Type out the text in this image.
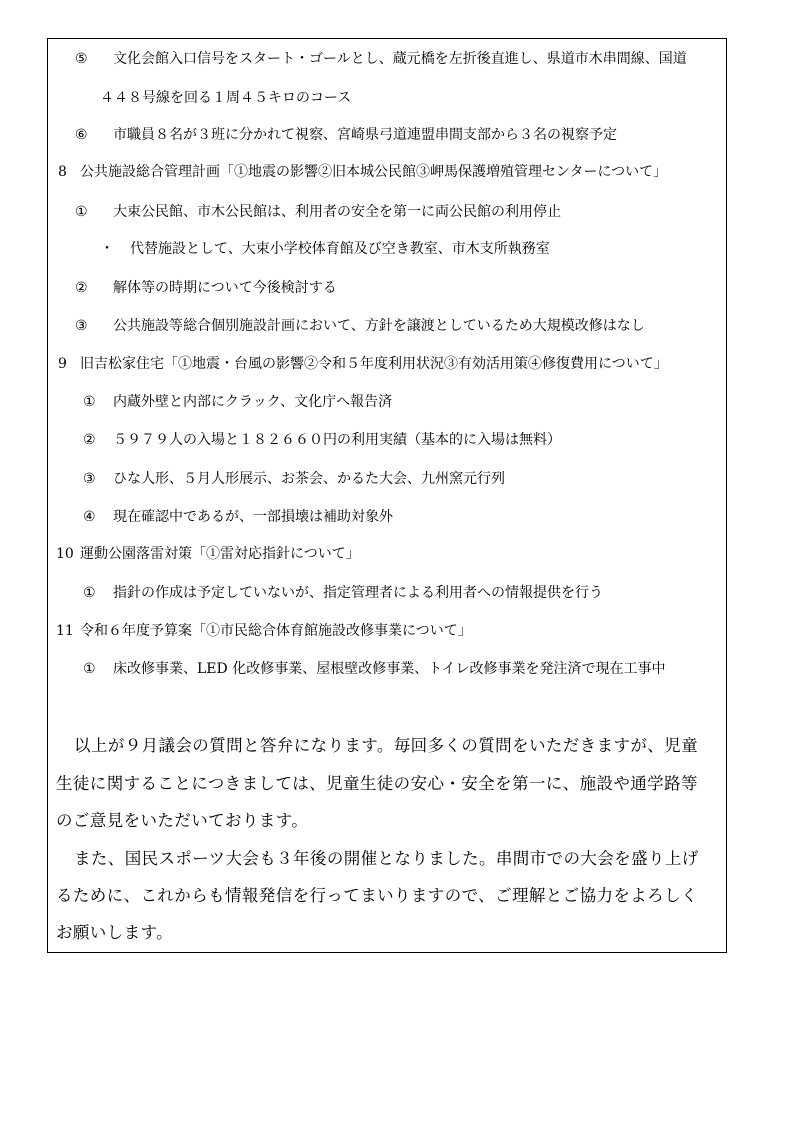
⑤ 文化会館入口信号をスタート・ゴールとし、蔵元橋を左折後直進し、県道市木串間線、国道
４４８号線を回る１周４５キロのコース
⑥ 市職員８名が３班に分かれて視察、宮崎県弓道連盟串間支部から３名の視察予定
8 公共施設総合管理計画「①地震の影響②旧本城公民館③岬馬保護増殖管理センターについて」
① 大束公民館、市木公民館は、利用者の安全を第一に両公民館の利用停止
・ 代替施設として、大束小学校体育館及び空き教室、市木支所執務室
② 解体等の時期について今後検討する
③ 公共施設等総合個別施設計画において、方針を譲渡としているため大規模改修はなし
9 旧吉松家住宅「①地震・台風の影響②令和５年度利用状況③有効活用策④修復費用について」
① 内蔵外壁と内部にクラック、文化庁へ報告済
② ５９７９人の入場と１８２６６０円の利用実績（基本的に入場は無料）
③ ひな人形、５月人形展示、お茶会、かるた大会、九州窯元行列
④ 現在確認中であるが、一部損壊は補助対象外
10 運動公園落雷対策「①雷対応指針について」
① 指針の作成は予定していないが、指定管理者による利用者への情報提供を行う
11 令和６年度予算案「①市民総合体育館施設改修事業について」
① 床改修事業、LED 化改修事業、屋根壁改修事業、トイレ改修事業を発注済で現在工事中
以上が９月議会の質問と答弁になります。毎回多くの質問をいただきますが、児童
生徒に関することにつきましては、児童生徒の安心・安全を第一に、施設や通学路等
のご意見をいただいております。
また、国民スポーツ大会も３年後の開催となりました。串間市での大会を盛り上げ
るために、これからも情報発信を行ってまいりますので、ご理解とご協力をよろしく
お願いします。
